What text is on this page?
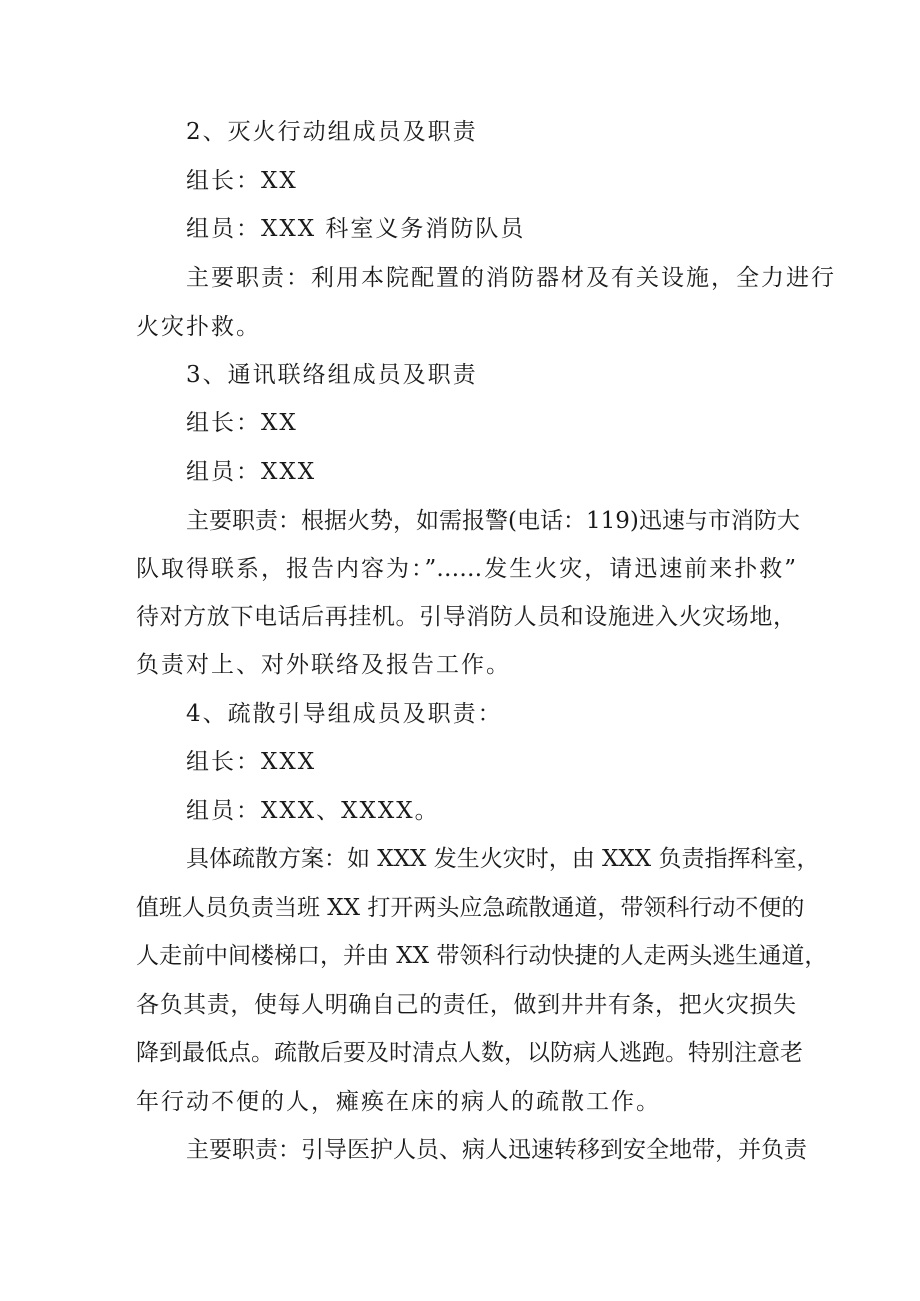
2、灭火行动组成员及职责
组长：XX
组员：XXX 科室义务消防队员
主要职责：利用本院配置的消防器材及有关设施，全力进行
火灾扑救。
3、通讯联络组成员及职责
组长：XX
组员：XXX
主要职责：根据火势，如需报警(电话：119)迅速与市消防大
队取得联系，报告内容为：”……发生火灾，请迅速前来扑救”
待对方放下电话后再挂机。引导消防人员和设施进入火灾场地，
负责对上、对外联络及报告工作。
4、疏散引导组成员及职责：
组长：XXX
组员：XXX、XXXX。
具体疏散方案：如 XXX 发生火灾时，由 XXX 负责指挥科室，
值班人员负责当班 XX 打开两头应急疏散通道，带领科行动不便的
人走前中间楼梯口，并由 XX 带领科行动快捷的人走两头逃生通道，
各负其责，使每人明确自己的责任，做到井井有条，把火灾损失
降到最低点。疏散后要及时清点人数，以防病人逃跑。特别注意老
年行动不便的人，瘫痪在床的病人的疏散工作。
主要职责：引导医护人员、病人迅速转移到安全地带，并负责
